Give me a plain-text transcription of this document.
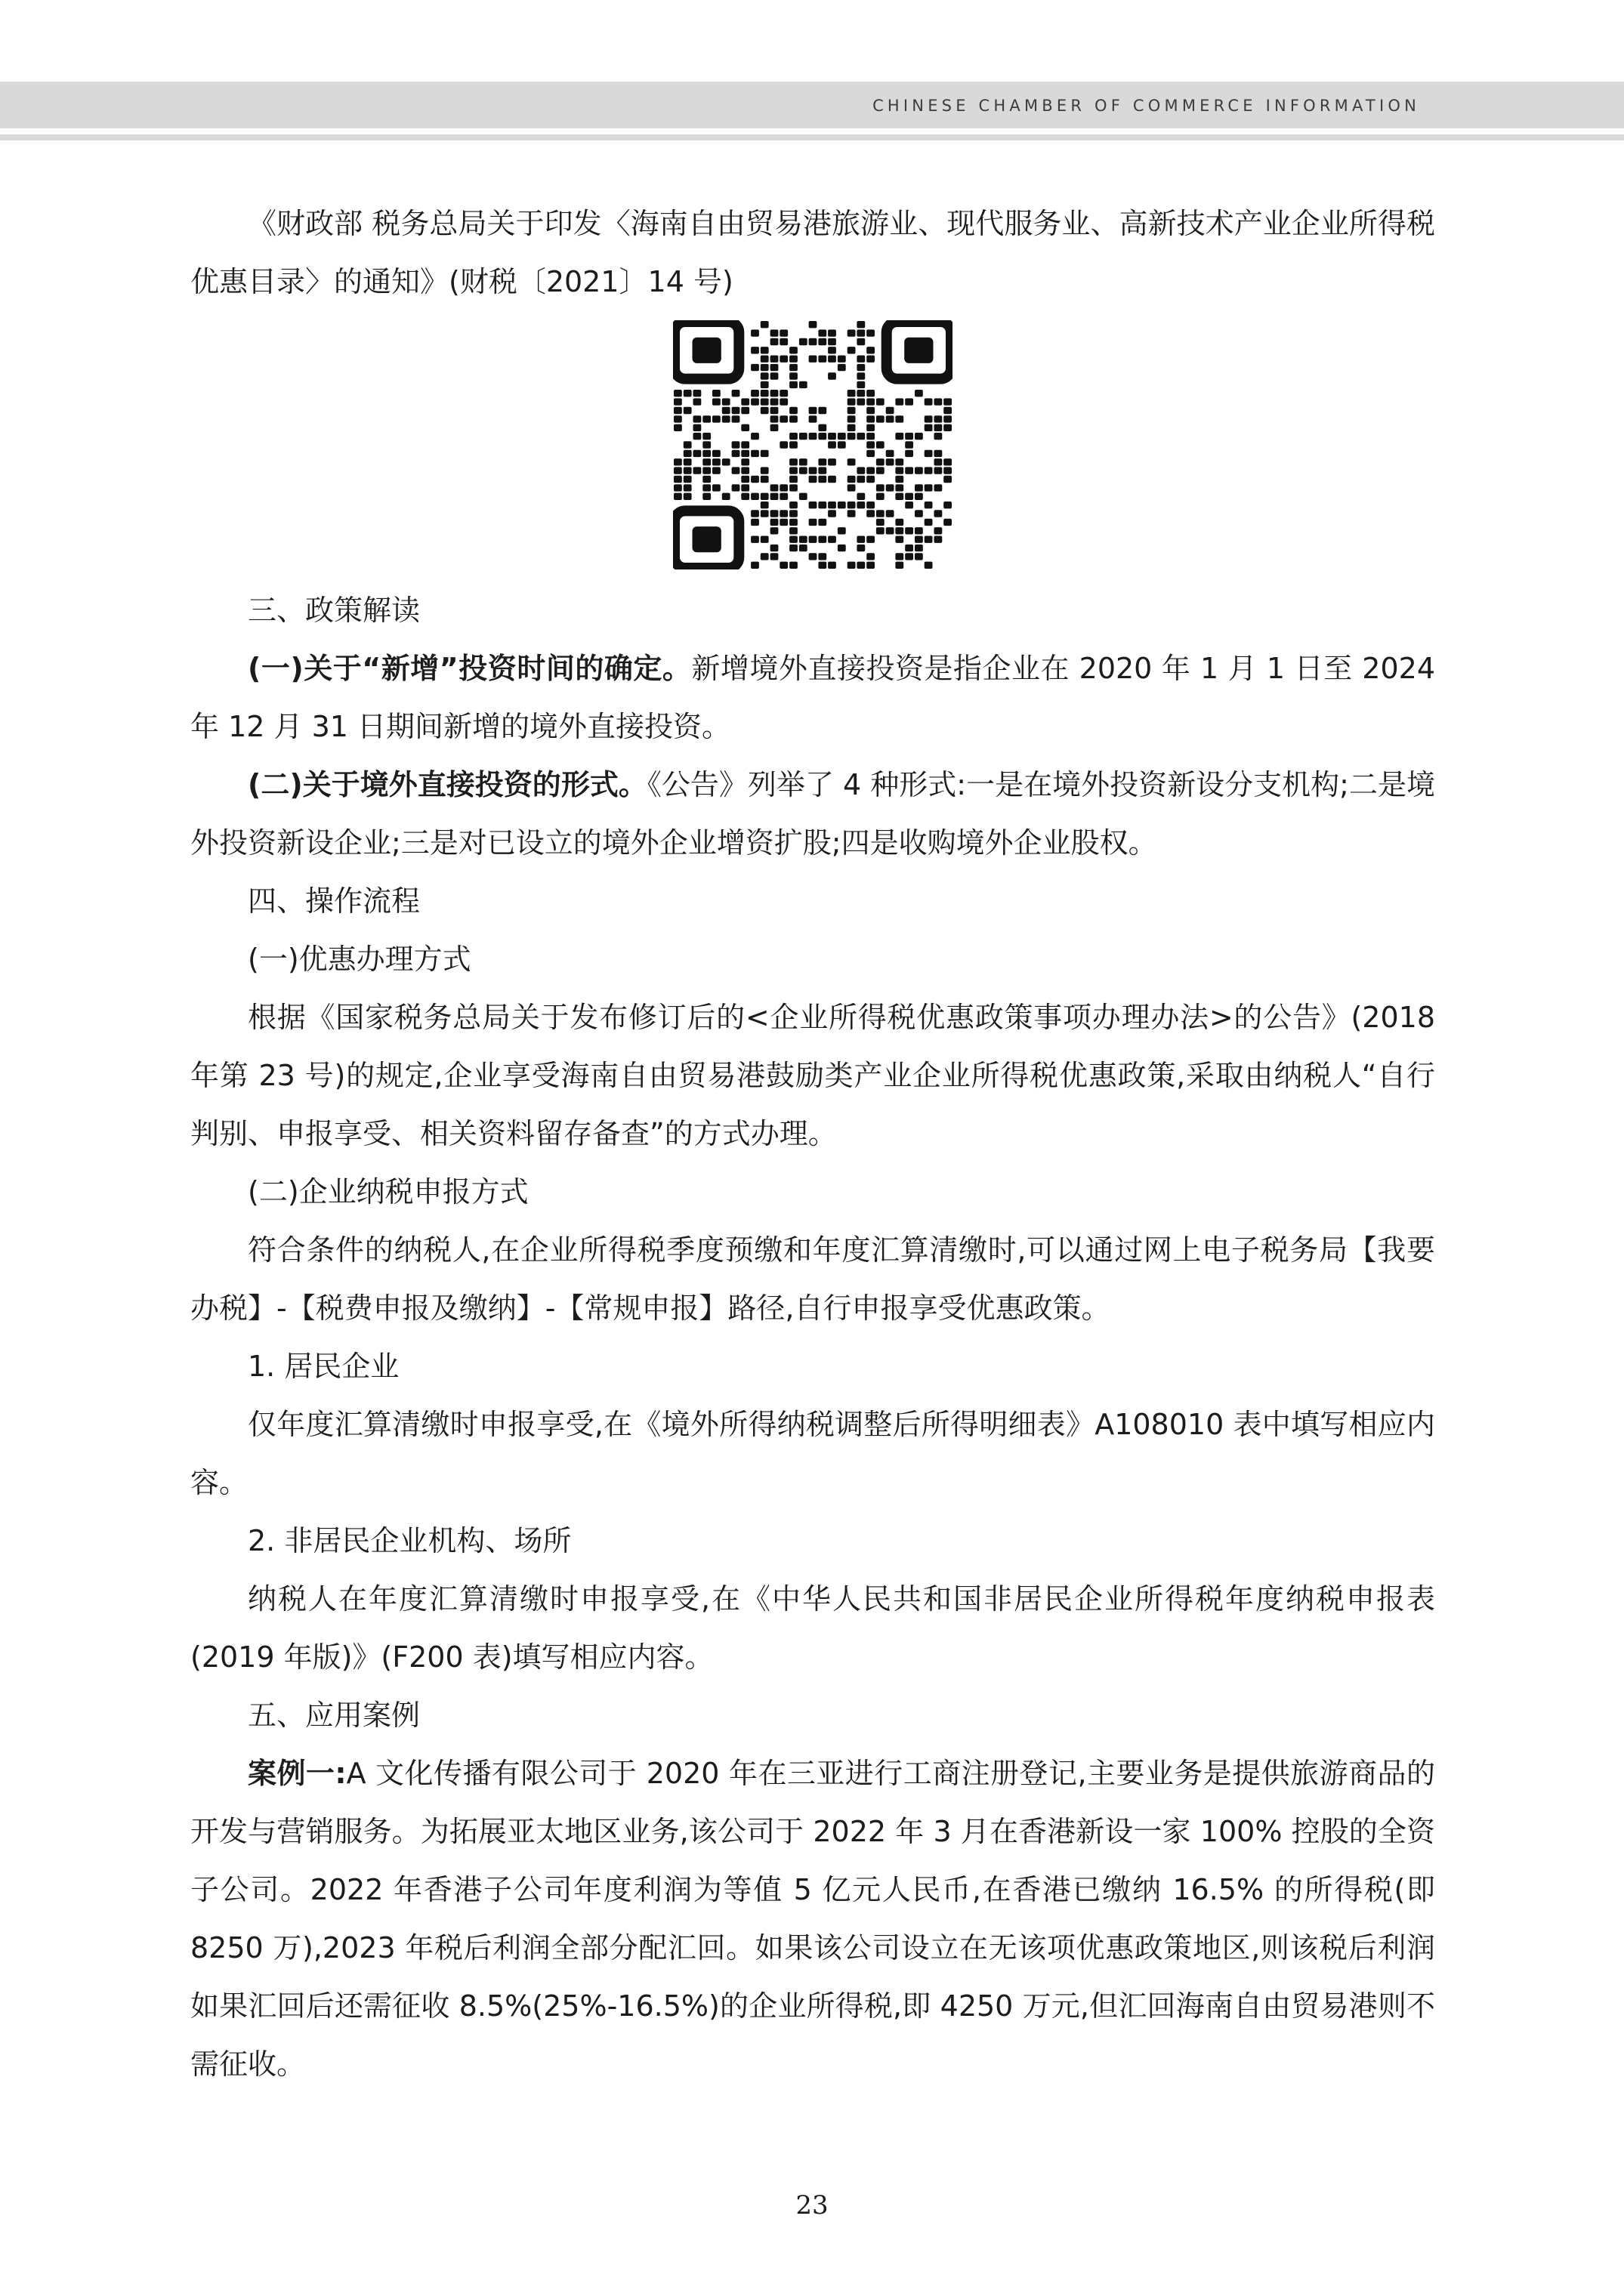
CHINESE CHAMBER OF COMMERCE INFORMATION

《财政部 税务总局关于印发〈海南自由贸易港旅游业、现代服务业、高新技术产业企业所得税优惠目录〉的通知》(财税〔2021〕14 号)

三、政策解读

(一)关于“新增”投资时间的确定。新增境外直接投资是指企业在 2020 年 1 月 1 日至 2024 年 12 月 31 日期间新增的境外直接投资。

(二)关于境外直接投资的形式。《公告》列举了 4 种形式:一是在境外投资新设分支机构;二是境外投资新设企业;三是对已设立的境外企业增资扩股;四是收购境外企业股权。

四、操作流程

(一)优惠办理方式

根据《国家税务总局关于发布修订后的<企业所得税优惠政策事项办理办法>的公告》(2018 年第 23 号)的规定,企业享受海南自由贸易港鼓励类产业企业所得税优惠政策,采取由纳税人“自行判别、申报享受、相关资料留存备查”的方式办理。

(二)企业纳税申报方式

符合条件的纳税人,在企业所得税季度预缴和年度汇算清缴时,可以通过网上电子税务局【我要办税】-【税费申报及缴纳】-【常规申报】路径,自行申报享受优惠政策。

1. 居民企业

仅年度汇算清缴时申报享受,在《境外所得纳税调整后所得明细表》A108010 表中填写相应内容。

2. 非居民企业机构、场所

纳税人在年度汇算清缴时申报享受,在《中华人民共和国非居民企业所得税年度纳税申报表(2019 年版)》(F200 表)填写相应内容。

五、应用案例

案例一:A 文化传播有限公司于 2020 年在三亚进行工商注册登记,主要业务是提供旅游商品的开发与营销服务。为拓展亚太地区业务,该公司于 2022 年 3 月在香港新设一家 100% 控股的全资子公司。2022 年香港子公司年度利润为等值 5 亿元人民币,在香港已缴纳 16.5% 的所得税(即 8250 万),2023 年税后利润全部分配汇回。如果该公司设立在无该项优惠政策地区,则该税后利润如果汇回后还需征收 8.5%(25%-16.5%)的企业所得税,即 4250 万元,但汇回海南自由贸易港则不需征收。

23
